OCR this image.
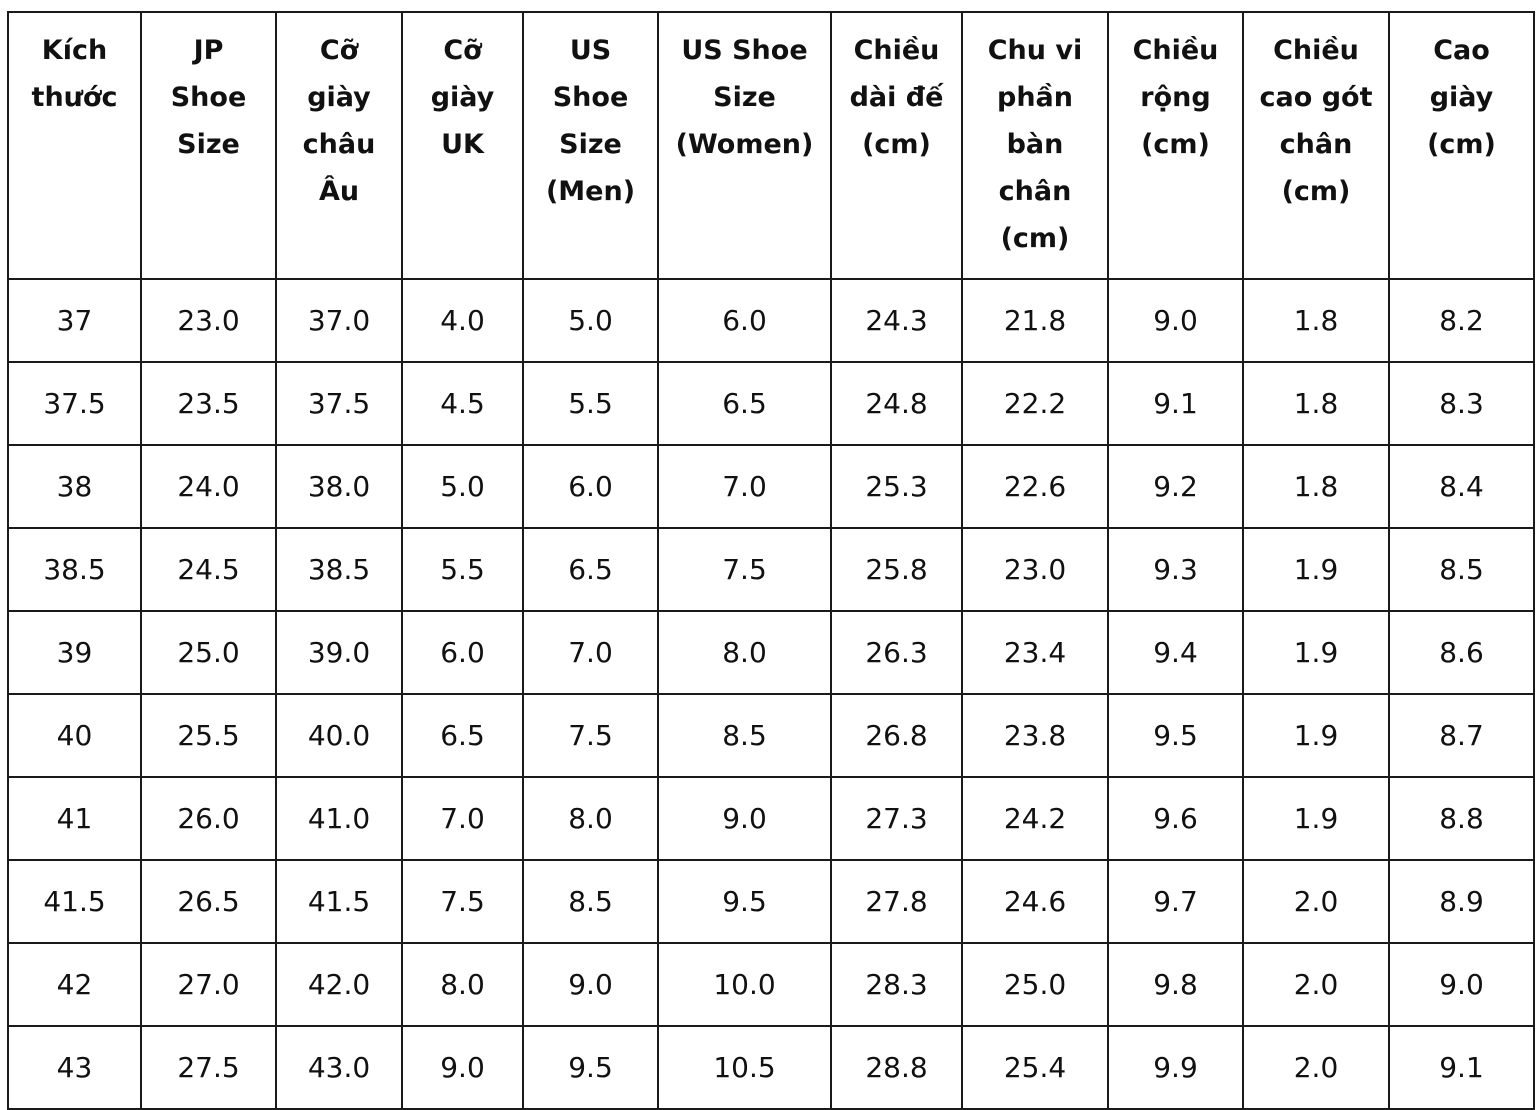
Kích
thước	JP
Shoe
Size	Cỡ
giày
châu
Âu	Cỡ
giày
UK	US
Shoe
Size
(Men)	US Shoe
Size
(Women)	Chiều
dài đế
(cm)	Chu vi
phần
bàn
chân
(cm)	Chiều
rộng
(cm)	Chiều
cao gót
chân
(cm)	Cao
giày
(cm)
37	23.0	37.0	4.0	5.0	6.0	24.3	21.8	9.0	1.8	8.2
37.5	23.5	37.5	4.5	5.5	6.5	24.8	22.2	9.1	1.8	8.3
38	24.0	38.0	5.0	6.0	7.0	25.3	22.6	9.2	1.8	8.4
38.5	24.5	38.5	5.5	6.5	7.5	25.8	23.0	9.3	1.9	8.5
39	25.0	39.0	6.0	7.0	8.0	26.3	23.4	9.4	1.9	8.6
40	25.5	40.0	6.5	7.5	8.5	26.8	23.8	9.5	1.9	8.7
41	26.0	41.0	7.0	8.0	9.0	27.3	24.2	9.6	1.9	8.8
41.5	26.5	41.5	7.5	8.5	9.5	27.8	24.6	9.7	2.0	8.9
42	27.0	42.0	8.0	9.0	10.0	28.3	25.0	9.8	2.0	9.0
43	27.5	43.0	9.0	9.5	10.5	28.8	25.4	9.9	2.0	9.1
